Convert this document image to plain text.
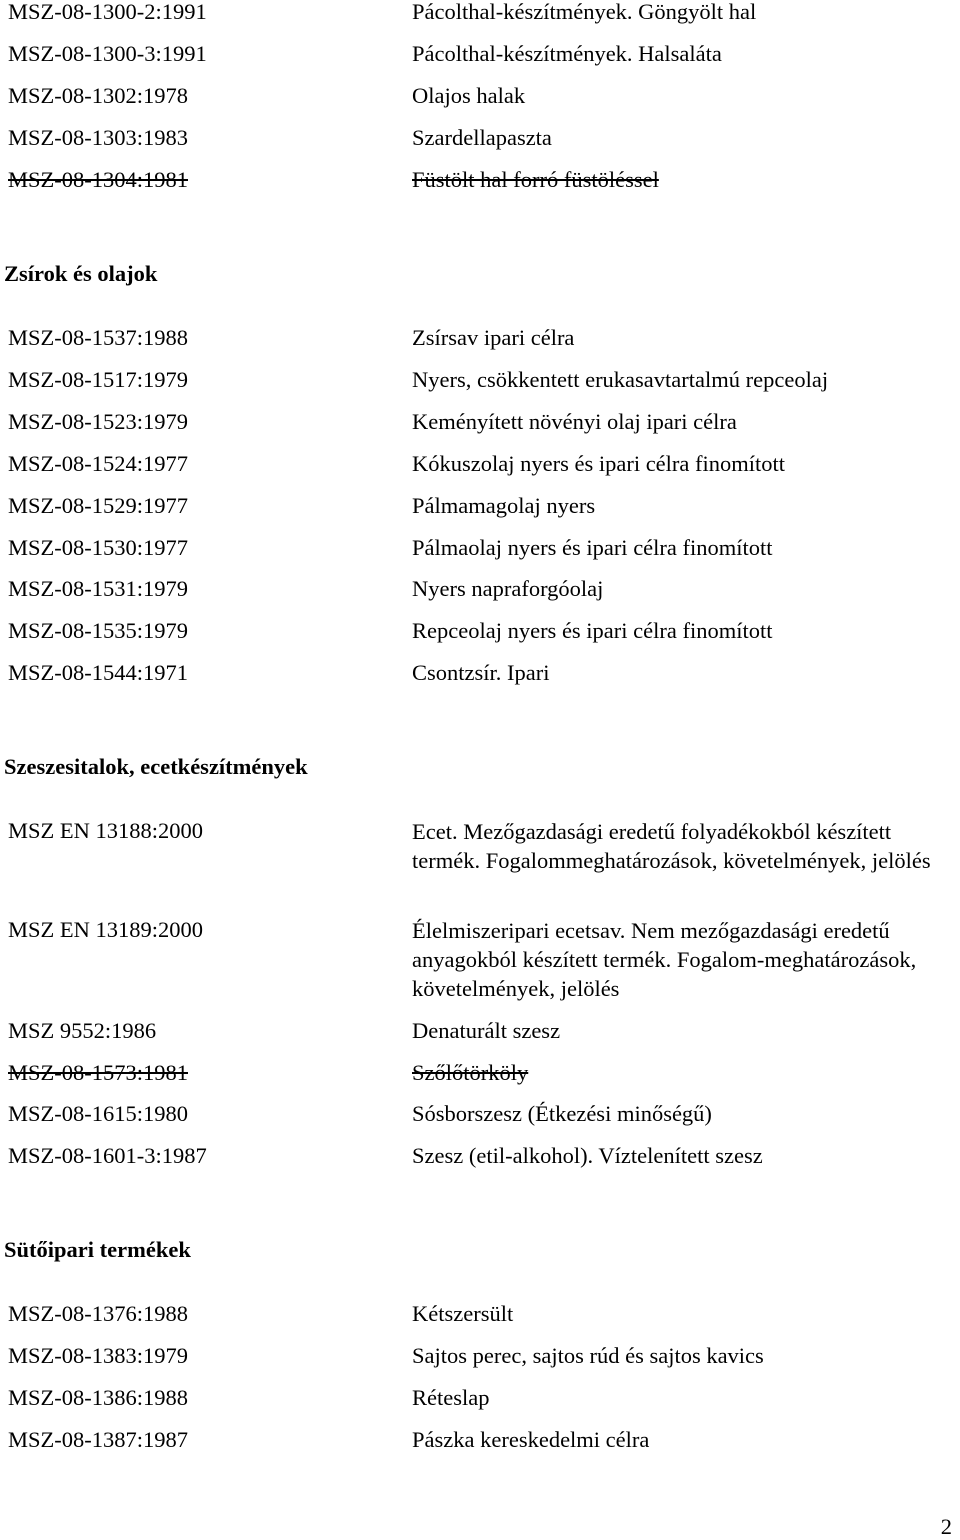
MSZ-08-1300-2:1991	Pácolthal-készítmények. Göngyölt hal
MSZ-08-1300-3:1991	Pácolthal-készítmények. Halsaláta
MSZ-08-1302:1978	Olajos halak
MSZ-08-1303:1983	Szardellapaszta
MSZ-08-1304:1981	Füstölt hal forró füstöléssel
Zsírok és olajok
MSZ-08-1537:1988	Zsírsav ipari célra
MSZ-08-1517:1979	Nyers, csökkentett erukasavtartalmú repceolaj
MSZ-08-1523:1979	Keményített növényi olaj ipari célra
MSZ-08-1524:1977	Kókuszolaj nyers és ipari célra finomított
MSZ-08-1529:1977	Pálmamagolaj nyers
MSZ-08-1530:1977	Pálmaolaj nyers és ipari célra finomított
MSZ-08-1531:1979	Nyers napraforgóolaj
MSZ-08-1535:1979	Repceolaj nyers és ipari célra finomított
MSZ-08-1544:1971	Csontzsír. Ipari
Szeszesitalok, ecetkészítmények
MSZ EN 13188:2000	Ecet. Mezőgazdasági eredetű folyadékokból készített termék. Fogalommeghatározások, követelmények, jelölés
MSZ EN 13189:2000	Élelmiszeripari ecetsav. Nem mezőgazdasági eredetű anyagokból készített termék. Fogalom-meghatározások, követelmények, jelölés
MSZ 9552:1986	Denaturált szesz
MSZ-08-1573:1981	Szőlőtörköly
MSZ-08-1615:1980	Sósborszesz (Étkezési minőségű)
MSZ-08-1601-3:1987	Szesz (etil-alkohol). Víztelenített szesz
Sütőipari termékek
MSZ-08-1376:1988	Kétszersült
MSZ-08-1383:1979	Sajtos perec, sajtos rúd és sajtos kavics
MSZ-08-1386:1988	Réteslap
MSZ-08-1387:1987	Pászka kereskedelmi célra
2
